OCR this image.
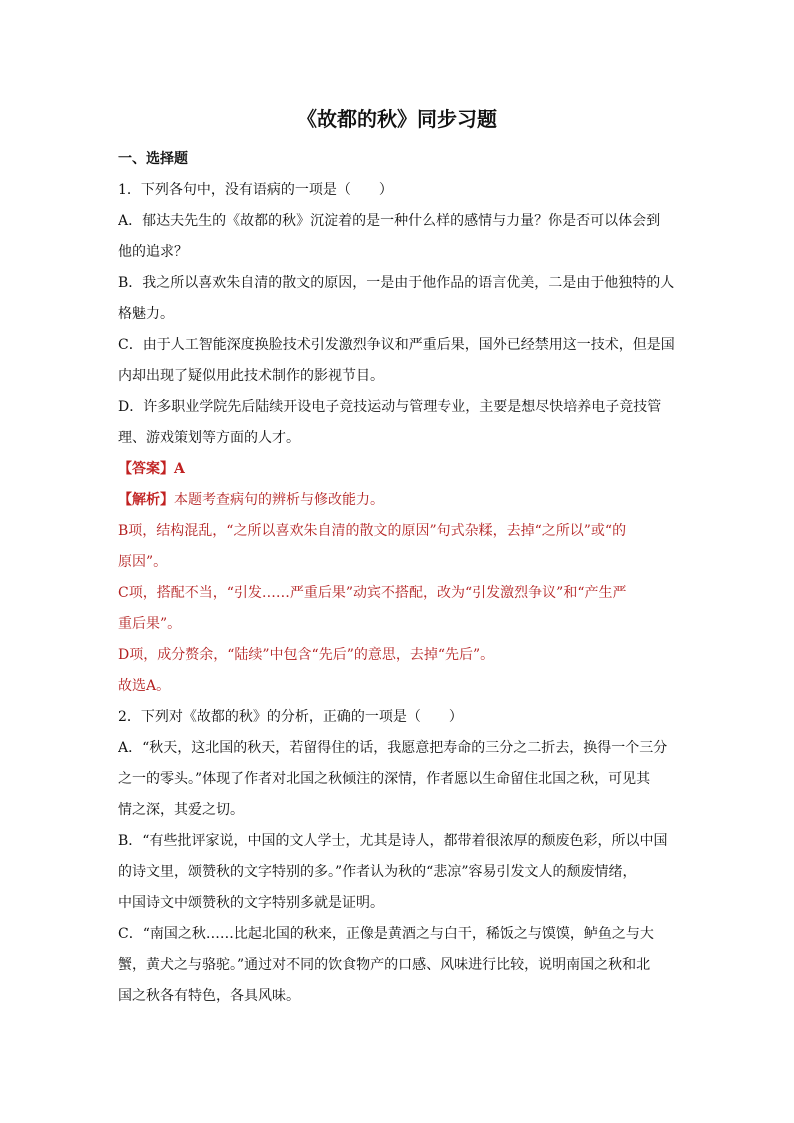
《故都的秋》同步习题
一、选择题
1．下列各句中，没有语病的一项是（　　）
A．郁达夫先生的《故都的秋》沉淀着的是一种什么样的感情与力量？你是否可以体会到
他的追求？
B．我之所以喜欢朱自清的散文的原因，一是由于他作品的语言优美，二是由于他独特的人
格魅力。
C．由于人工智能深度换脸技术引发激烈争议和严重后果，国外已经禁用这一技术，但是国
内却出现了疑似用此技术制作的影视节目。
D．许多职业学院先后陆续开设电子竞技运动与管理专业，主要是想尽快培养电子竞技管
理、游戏策划等方面的人才。
【答案】A
【解析】本题考查病句的辨析与修改能力。
B项，结构混乱，“之所以喜欢朱自清的散文的原因”句式杂糅，去掉“之所以”或“的
原因”。
C项，搭配不当，“引发……严重后果”动宾不搭配，改为“引发激烈争议”和“产生严
重后果”。
D项，成分赘余，“陆续”中包含“先后”的意思，去掉“先后”。
故选A。
2．下列对《故都的秋》的分析，正确的一项是（　　）
A．“秋天，这北国的秋天，若留得住的话，我愿意把寿命的三分之二折去，换得一个三分
之一的零头。”体现了作者对北国之秋倾注的深情，作者愿以生命留住北国之秋，可见其
情之深，其爱之切。
B．“有些批评家说，中国的文人学士，尤其是诗人，都带着很浓厚的颓废色彩，所以中国
的诗文里，颂赞秋的文字特别的多。”作者认为秋的“悲凉”容易引发文人的颓废情绪，
中国诗文中颂赞秋的文字特别多就是证明。
C．“南国之秋……比起北国的秋来，正像是黄酒之与白干，稀饭之与馍馍，鲈鱼之与大
蟹，黄犬之与骆驼。”通过对不同的饮食物产的口感、风味进行比较，说明南国之秋和北
国之秋各有特色，各具风味。
